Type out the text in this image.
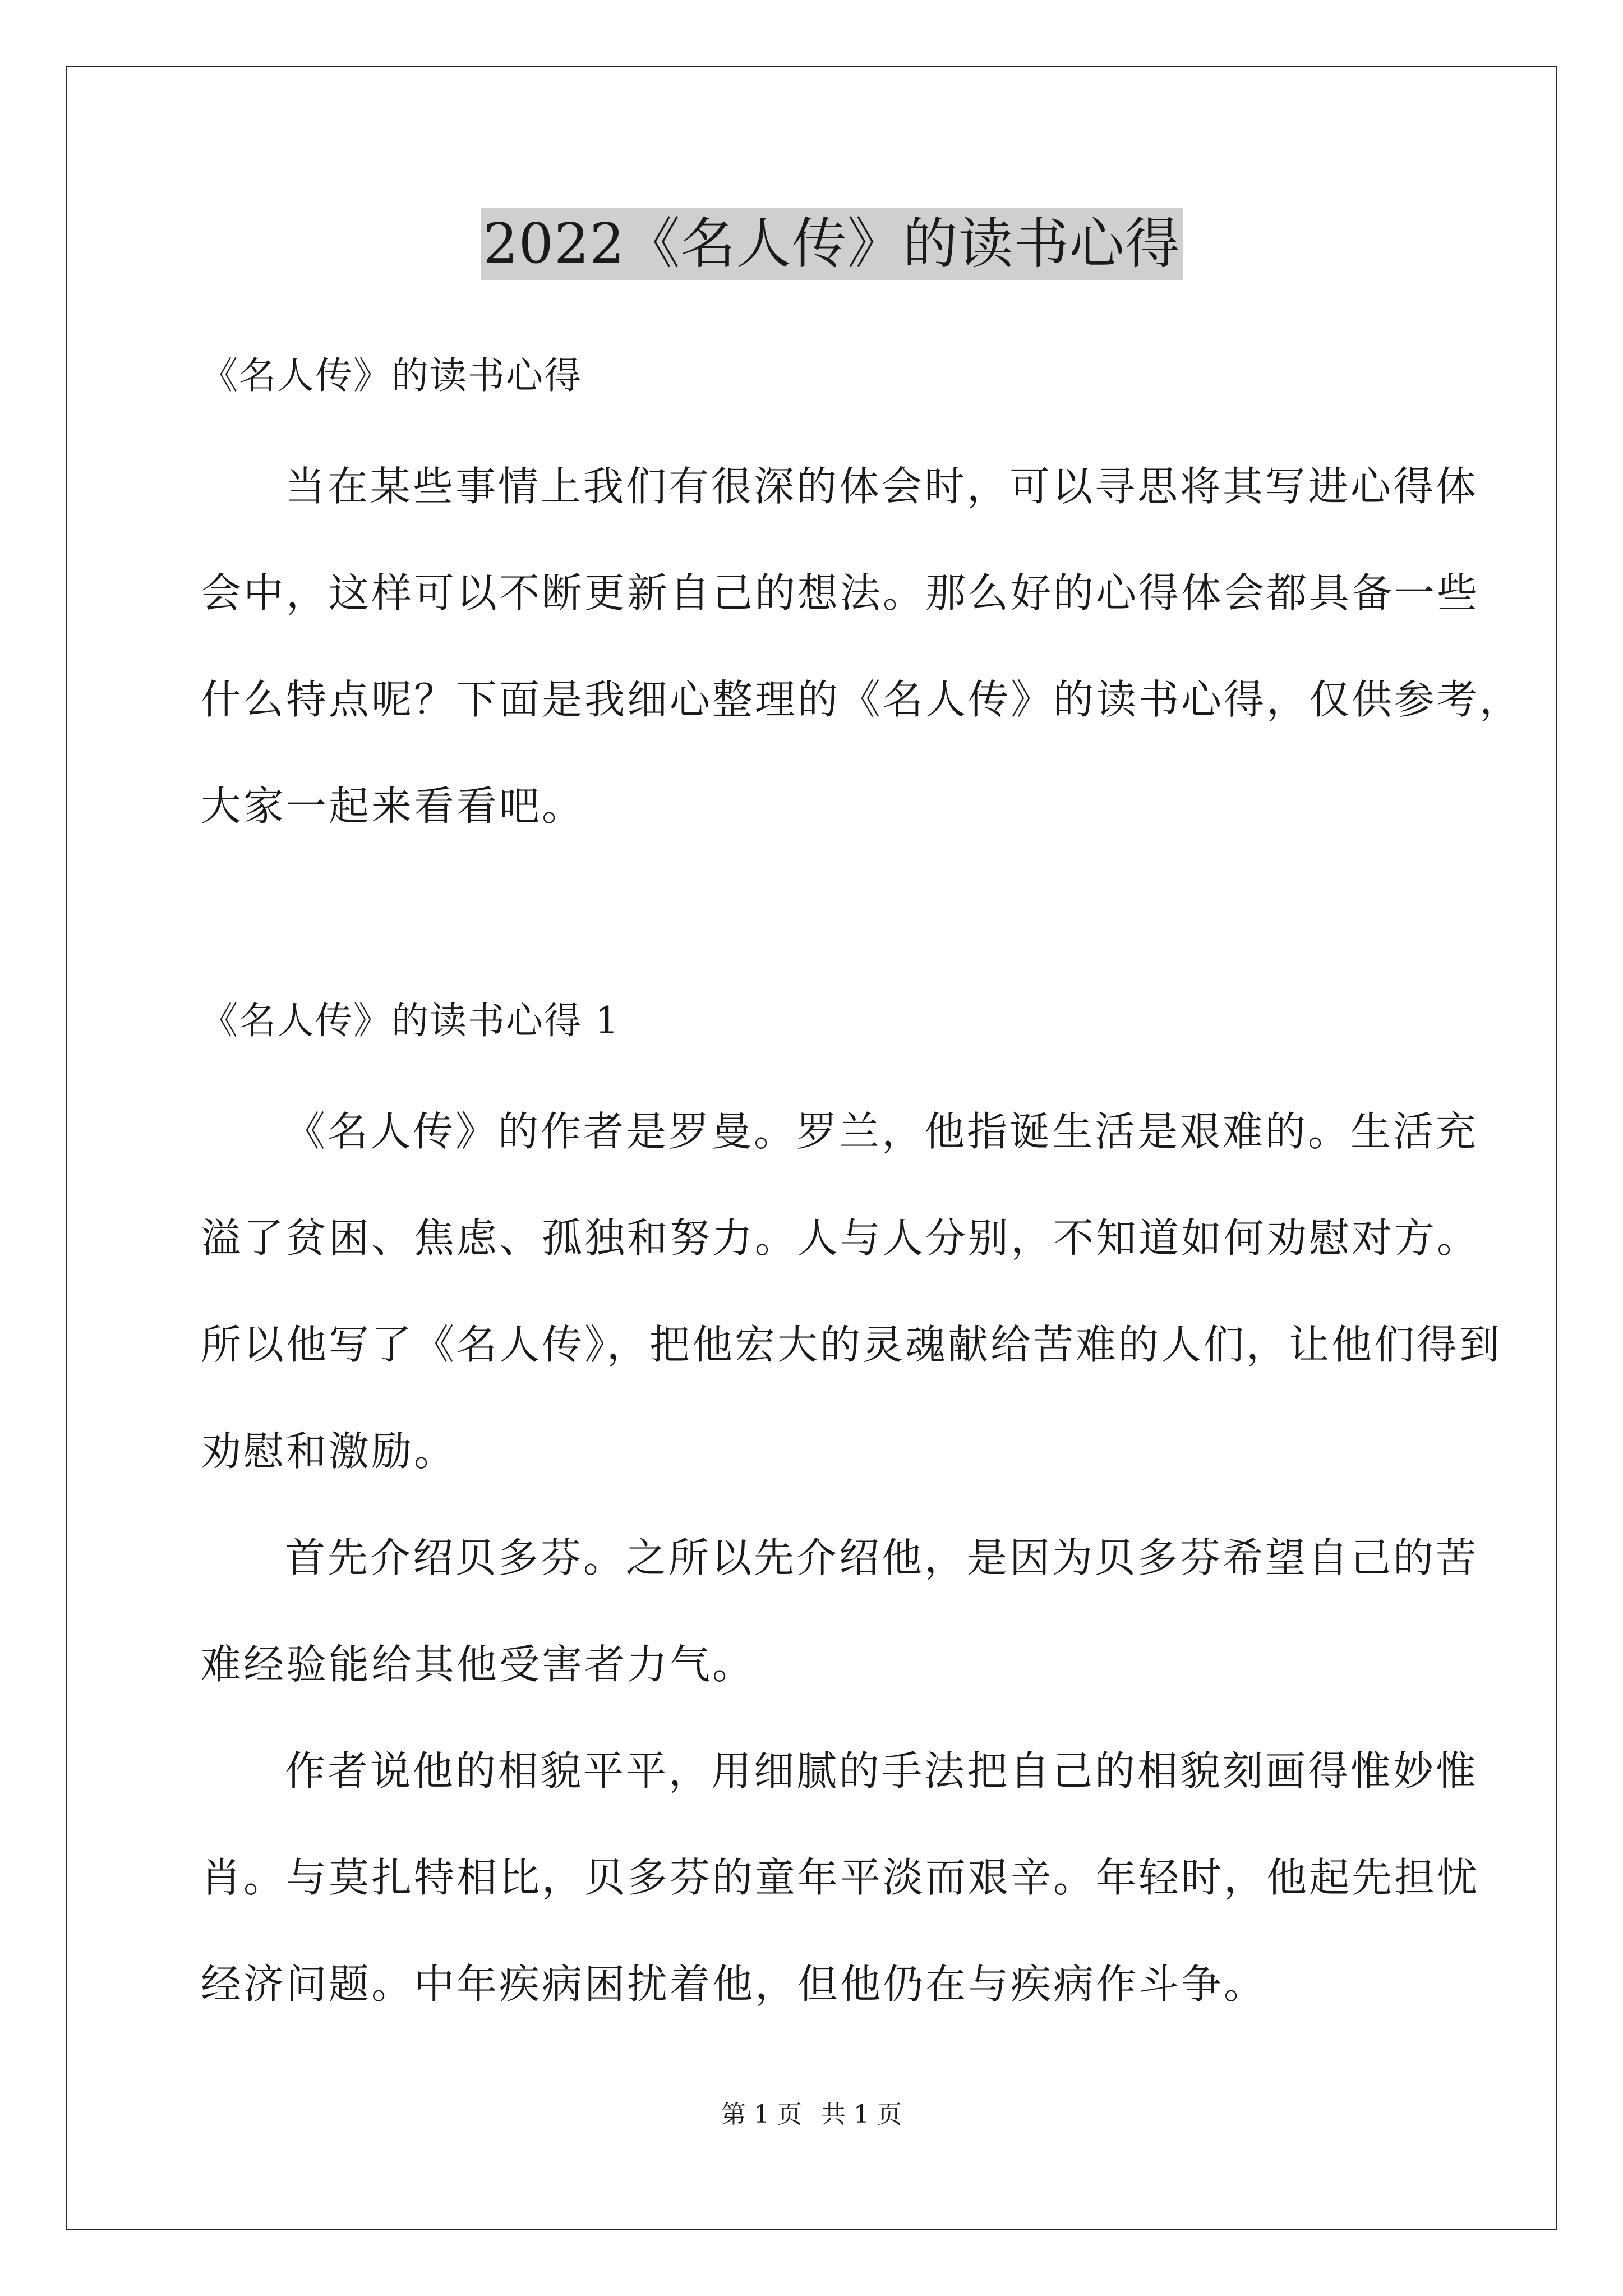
2022《名人传》的读书心得
《名人传》的读书心得
当在某些事情上我们有很深的体会时，可以寻思将其写进心得体
会中，这样可以不断更新自己的想法。那么好的心得体会都具备一些
什么特点呢？下面是我细心整理的《名人传》的读书心得，仅供参考，
大家一起来看看吧。
《名人传》的读书心得 1
《名人传》的作者是罗曼。罗兰，他指诞生活是艰难的。生活充
溢了贫困、焦虑、孤独和努力。人与人分别，不知道如何劝慰对方。
所以他写了《名人传》，把他宏大的灵魂献给苦难的人们，让他们得到
劝慰和激励。
首先介绍贝多芬。之所以先介绍他，是因为贝多芬希望自己的苦
难经验能给其他受害者力气。
作者说他的相貌平平，用细腻的手法把自己的相貌刻画得惟妙惟
肖。与莫扎特相比，贝多芬的童年平淡而艰辛。年轻时，他起先担忧
经济问题。中年疾病困扰着他，但他仍在与疾病作斗争。
第 1 页 共 1 页
